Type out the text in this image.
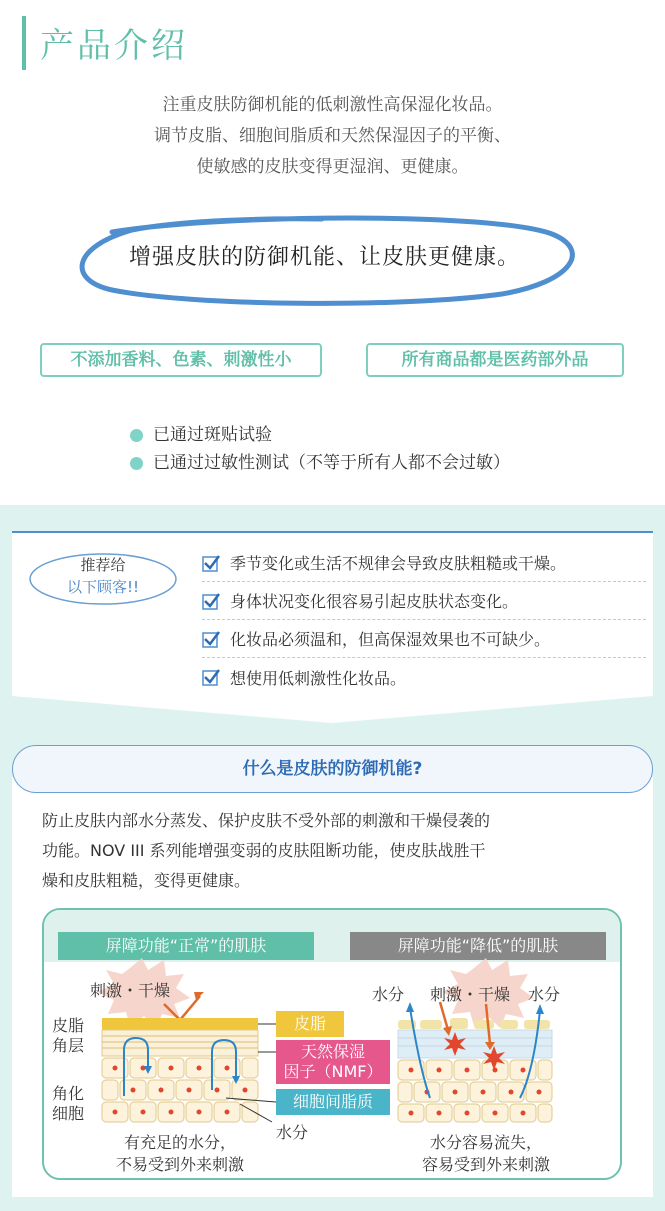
产品介绍
注重皮肤防御机能的低刺激性高保湿化妆品。
调节皮脂、细胞间脂质和天然保湿因子的平衡、
使敏感的皮肤变得更湿润、更健康。
增强皮肤的防御机能、让皮肤更健康。
不添加香料、色素、刺激性小	所有商品都是医药部外品
已通过斑贴试验
已通过过敏性测试（不等于所有人都不会过敏）
推荐给
以下顾客!!
季节变化或生活不规律会导致皮肤粗糙或干燥。
身体状况变化很容易引起皮肤状态变化。
化妆品必须温和，但高保湿效果也不可缺少。
想使用低刺激性化妆品。
什么是皮肤的防御机能?
防止皮肤内部水分蒸发、保护皮肤不受外部的刺激和干燥侵袭的
功能。NOV III 系列能增强变弱的皮肤阻断功能，使皮肤战胜干
燥和皮肤粗糙，变得更健康。
屏障功能“正常”的肌肤	屏障功能“降低”的肌肤
刺激・干燥	刺激・干燥
水分	水分
皮脂
角层
角化
细胞
皮脂
天然保湿
因子（NMF）
细胞间脂质
水分
有充足的水分，
不易受到外来刺激
水分容易流失，
容易受到外来刺激
